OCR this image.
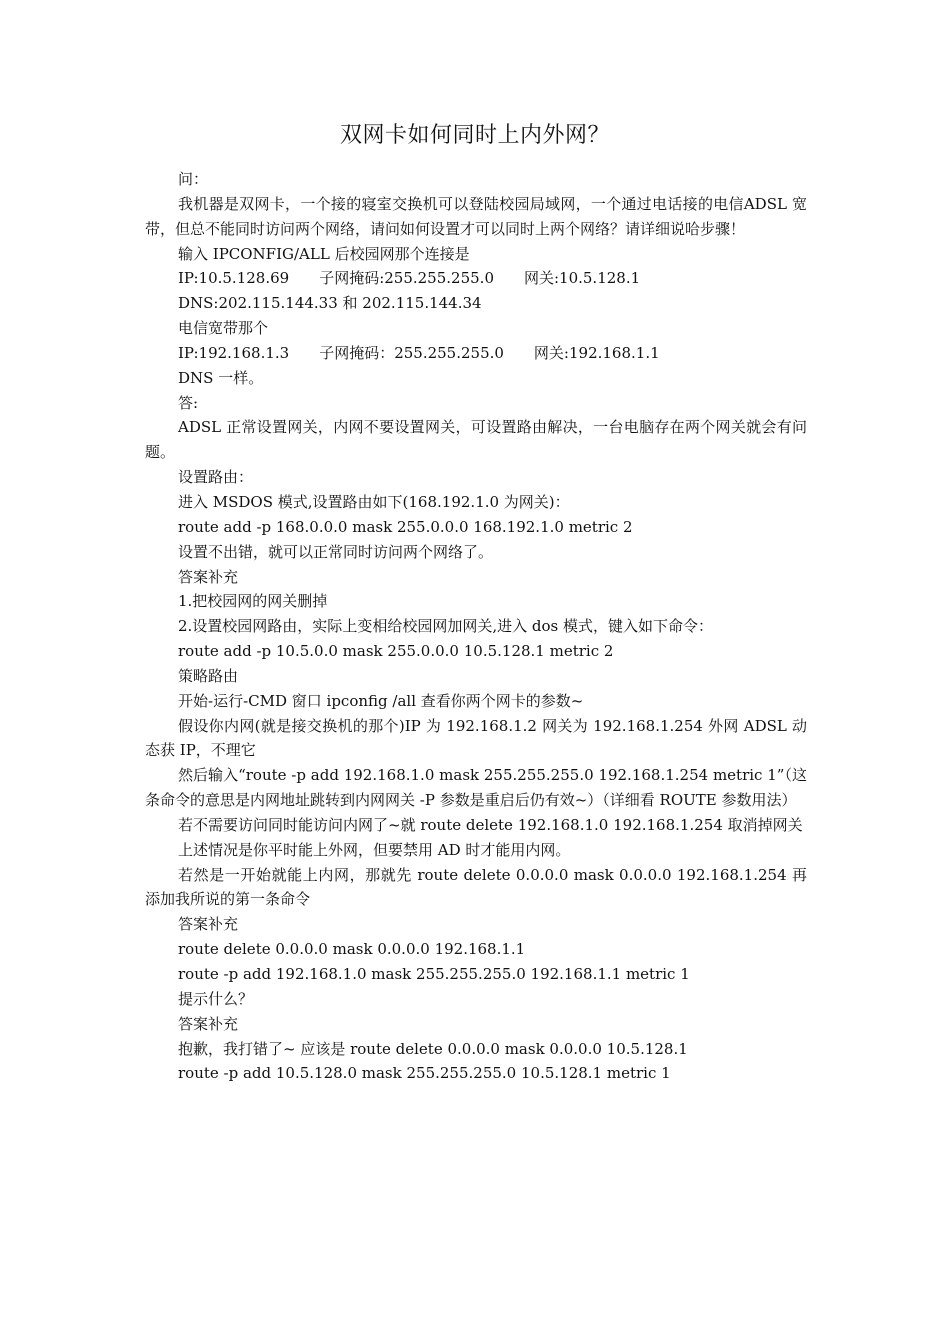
双网卡如何同时上内外网？

问：

我机器是双网卡，一个接的寝室交换机可以登陆校园局域网，一个通过电话接的电信ADSL 宽带，但总不能同时访问两个网络，请问如何设置才可以同时上两个网络？请详细说哈步骤！

输入 IPCONFIG/ALL 后校园网那个连接是

IP:10.5.128.69　　子网掩码:255.255.255.0　　网关:10.5.128.1

DNS:202.115.144.33 和 202.115.144.34

电信宽带那个

IP:192.168.1.3　　子网掩码：255.255.255.0　　网关:192.168.1.1

DNS 一样。

答:

ADSL 正常设置网关，内网不要设置网关，可设置路由解决，一台电脑存在两个网关就会有问题。

设置路由：

进入 MSDOS 模式,设置路由如下(168.192.1.0 为网关)：

route add -p 168.0.0.0 mask 255.0.0.0 168.192.1.0 metric 2

设置不出错，就可以正常同时访问两个网络了。

答案补充

1.把校园网的网关删掉

2.设置校园网路由，实际上变相给校园网加网关,进入 dos 模式，键入如下命令：

route add -p 10.5.0.0 mask 255.0.0.0 10.5.128.1 metric 2

策略路由

开始-运行-CMD 窗口 ipconfig /all 查看你两个网卡的参数~

假设你内网(就是接交换机的那个)IP 为 192.168.1.2 网关为 192.168.1.254 外网 ADSL 动态获 IP，不理它

然后输入“route -p add 192.168.1.0 mask 255.255.255.0 192.168.1.254 metric 1”（这条命令的意思是内网地址跳转到内网网关 -P 参数是重启后仍有效~）（详细看 ROUTE 参数用法）

若不需要访问同时能访问内网了~就 route delete 192.168.1.0 192.168.1.254 取消掉网关

上述情况是你平时能上外网，但要禁用 AD 时才能用内网。

若然是一开始就能上内网，那就先 route delete 0.0.0.0 mask 0.0.0.0 192.168.1.254 再添加我所说的第一条命令

答案补充

route delete 0.0.0.0 mask 0.0.0.0 192.168.1.1

route -p add 192.168.1.0 mask 255.255.255.0 192.168.1.1 metric 1

提示什么？

答案补充

抱歉，我打错了~ 应该是 route delete 0.0.0.0 mask 0.0.0.0 10.5.128.1

route -p add 10.5.128.0 mask 255.255.255.0 10.5.128.1 metric 1
